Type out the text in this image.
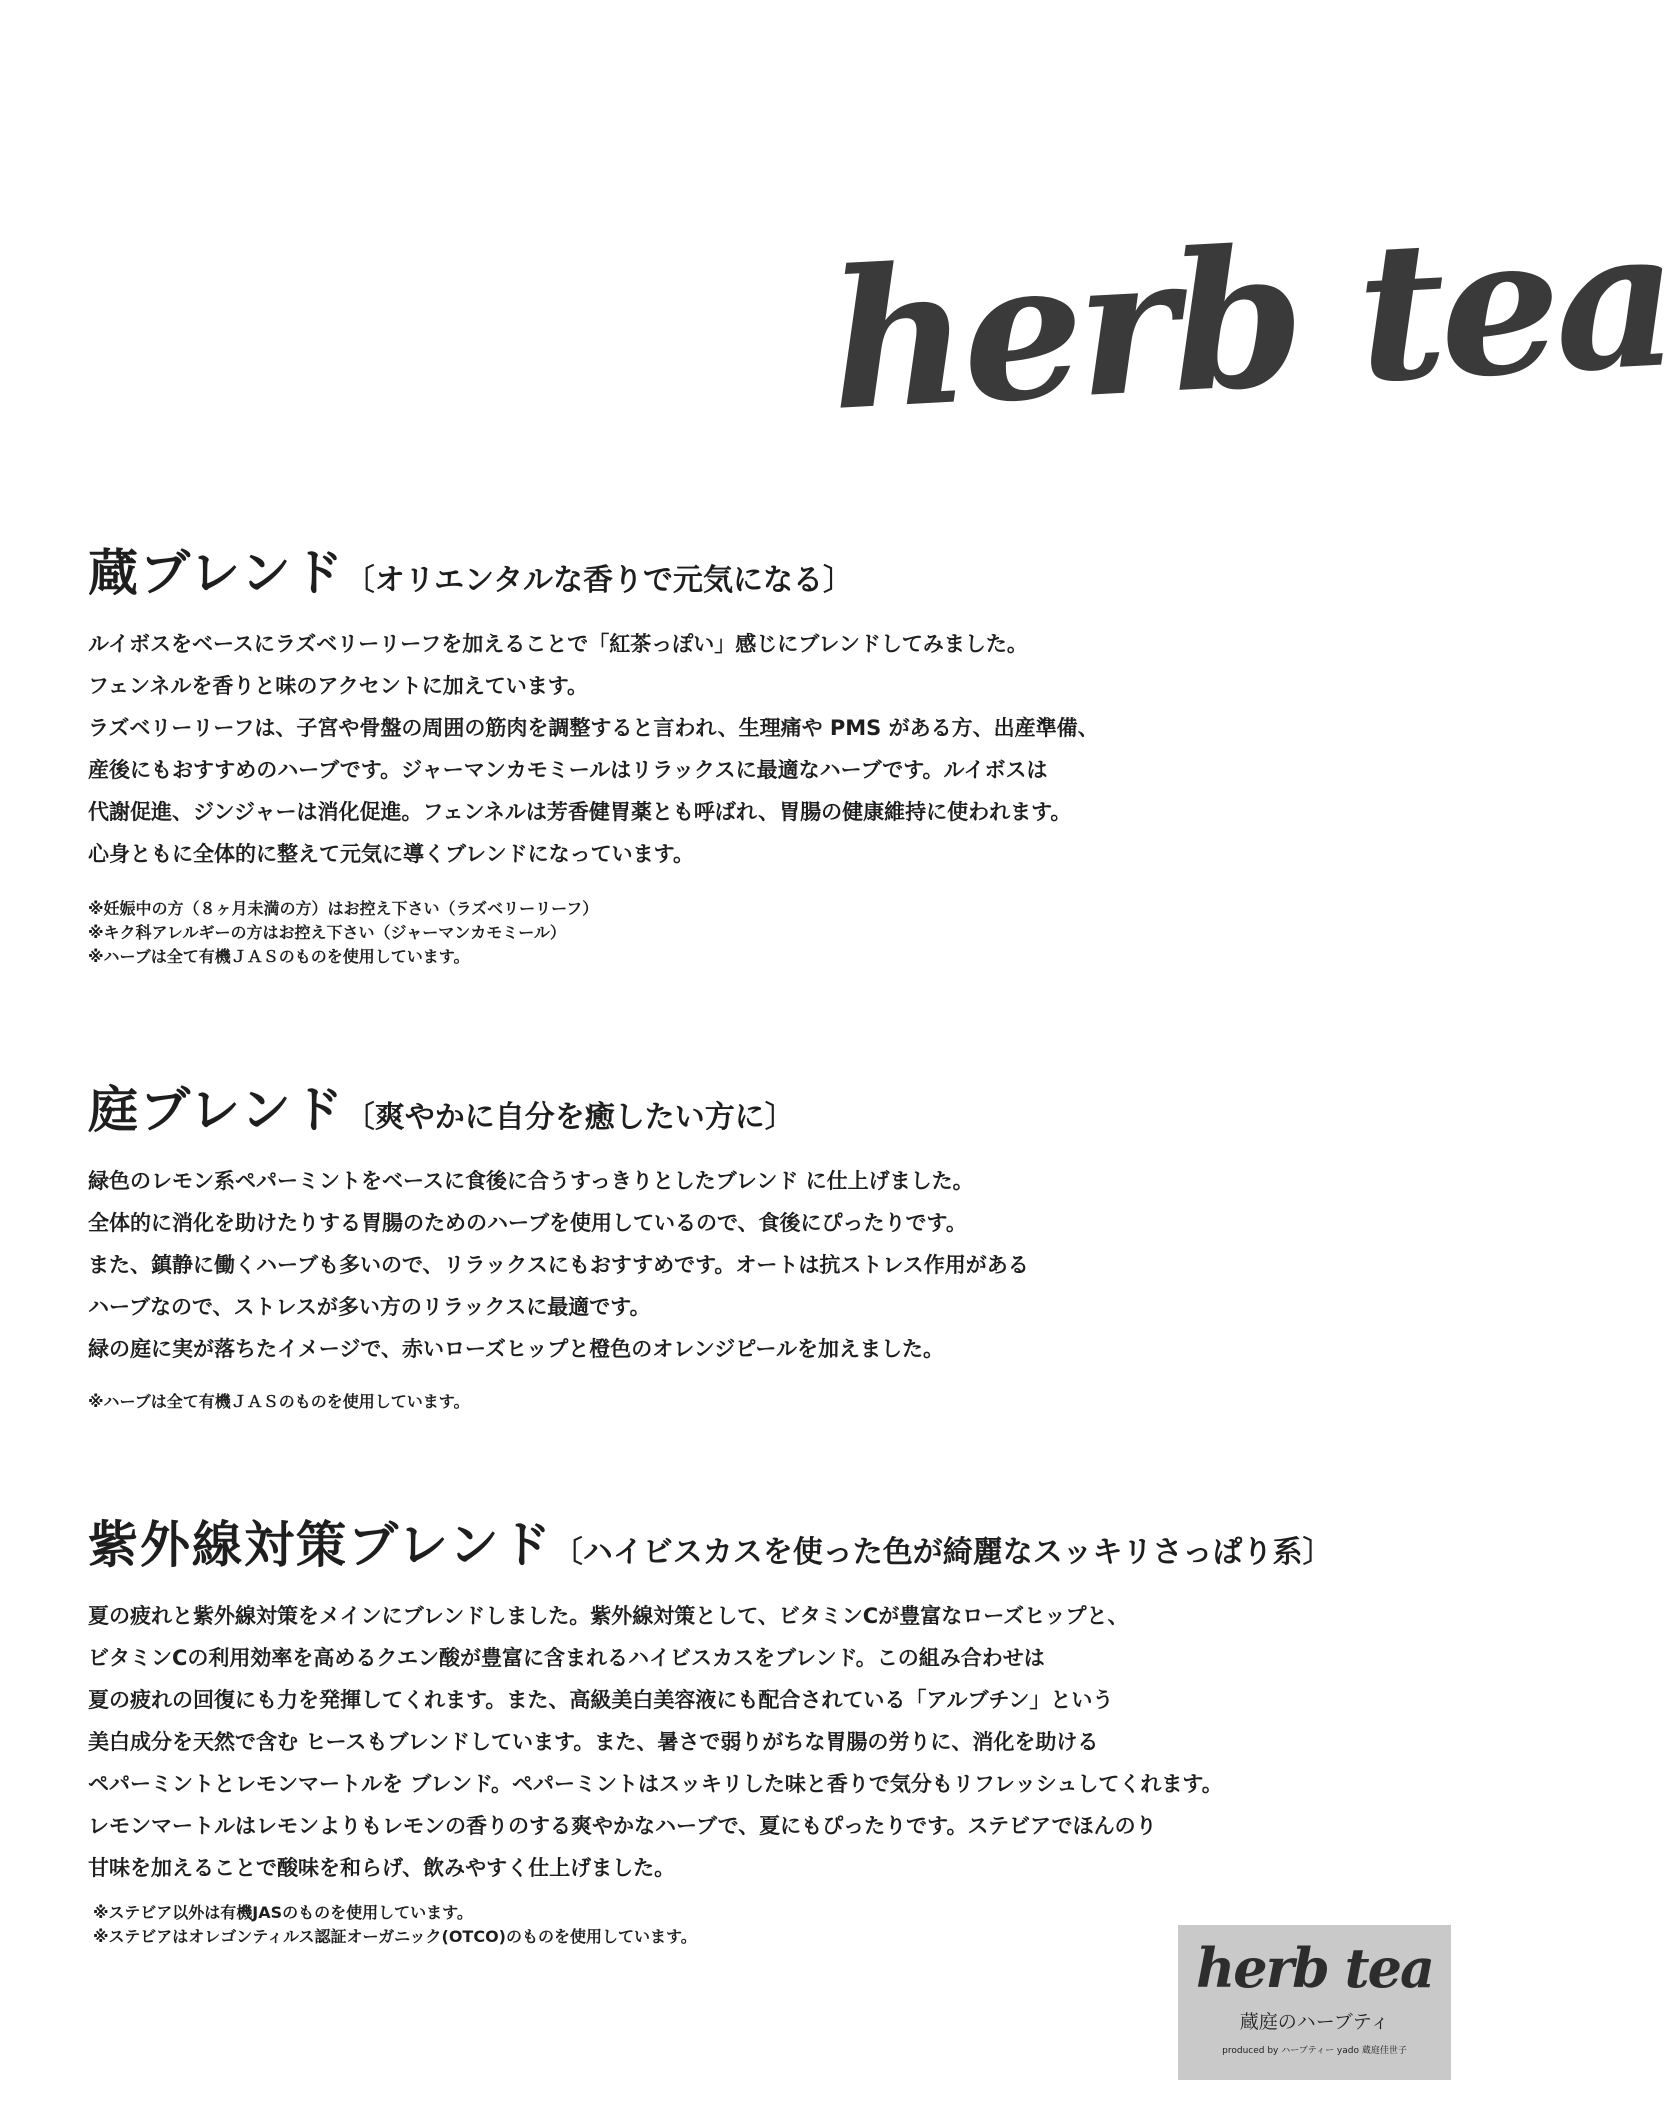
herb tea
蔵ブレンド〔オリエンタルな香りで元気になる〕
ルイボスをベースにラズベリーリーフを加えることで「紅茶っぽい」感じにブレンドしてみました。
フェンネルを香りと味のアクセントに加えています。
ラズベリーリーフは、子宮や骨盤の周囲の筋肉を調整すると言われ、生理痛や PMS がある方、出産準備、
産後にもおすすめのハーブです。ジャーマンカモミールはリラックスに最適なハーブです。ルイボスは
代謝促進、ジンジャーは消化促進。フェンネルは芳香健胃薬とも呼ばれ、胃腸の健康維持に使われます。
心身ともに全体的に整えて元気に導くブレンドになっています。
※妊娠中の方（８ヶ月未満の方）はお控え下さい（ラズベリーリーフ）
※キク科アレルギーの方はお控え下さい（ジャーマンカモミール）
※ハーブは全て有機ＪＡＳのものを使用しています。
庭ブレンド〔爽やかに自分を癒したい方に〕
緑色のレモン系ペパーミントをベースに食後に合うすっきりとしたブレンド に仕上げました。
全体的に消化を助けたりする胃腸のためのハーブを使用しているので、食後にぴったりです。
また、鎮静に働くハーブも多いので、リラックスにもおすすめです。オートは抗ストレス作用がある
ハーブなので、ストレスが多い方のリラックスに最適です。
緑の庭に実が落ちたイメージで、赤いローズヒップと橙色のオレンジピールを加えました。
※ハーブは全て有機ＪＡＳのものを使用しています。
紫外線対策ブレンド〔ハイビスカスを使った色が綺麗なスッキリさっぱり系〕
夏の疲れと紫外線対策をメインにブレンドしました。紫外線対策として、ビタミンCが豊富なローズヒップと、
ビタミンCの利用効率を高めるクエン酸が豊富に含まれるハイビスカスをブレンド。この組み合わせは
夏の疲れの回復にも力を発揮してくれます。また、高級美白美容液にも配合されている「アルブチン」という
美白成分を天然で含む ヒースもブレンドしています。また、暑さで弱りがちな胃腸の労りに、消化を助ける
ペパーミントとレモンマートルを ブレンド。ペパーミントはスッキリした味と香りで気分もリフレッシュしてくれます。
レモンマートルはレモンよりもレモンの香りのする爽やかなハーブで、夏にもぴったりです。ステビアでほんのり
甘味を加えることで酸味を和らげ、飲みやすく仕上げました。
※ステビア以外は有機JASのものを使用しています。
※ステビアはオレゴンティルス認証オーガニック(OTCO)のものを使用しています。	herb tea
蔵庭のハーブティ
produced by ハーブティー yado 蔵庭佳世子
